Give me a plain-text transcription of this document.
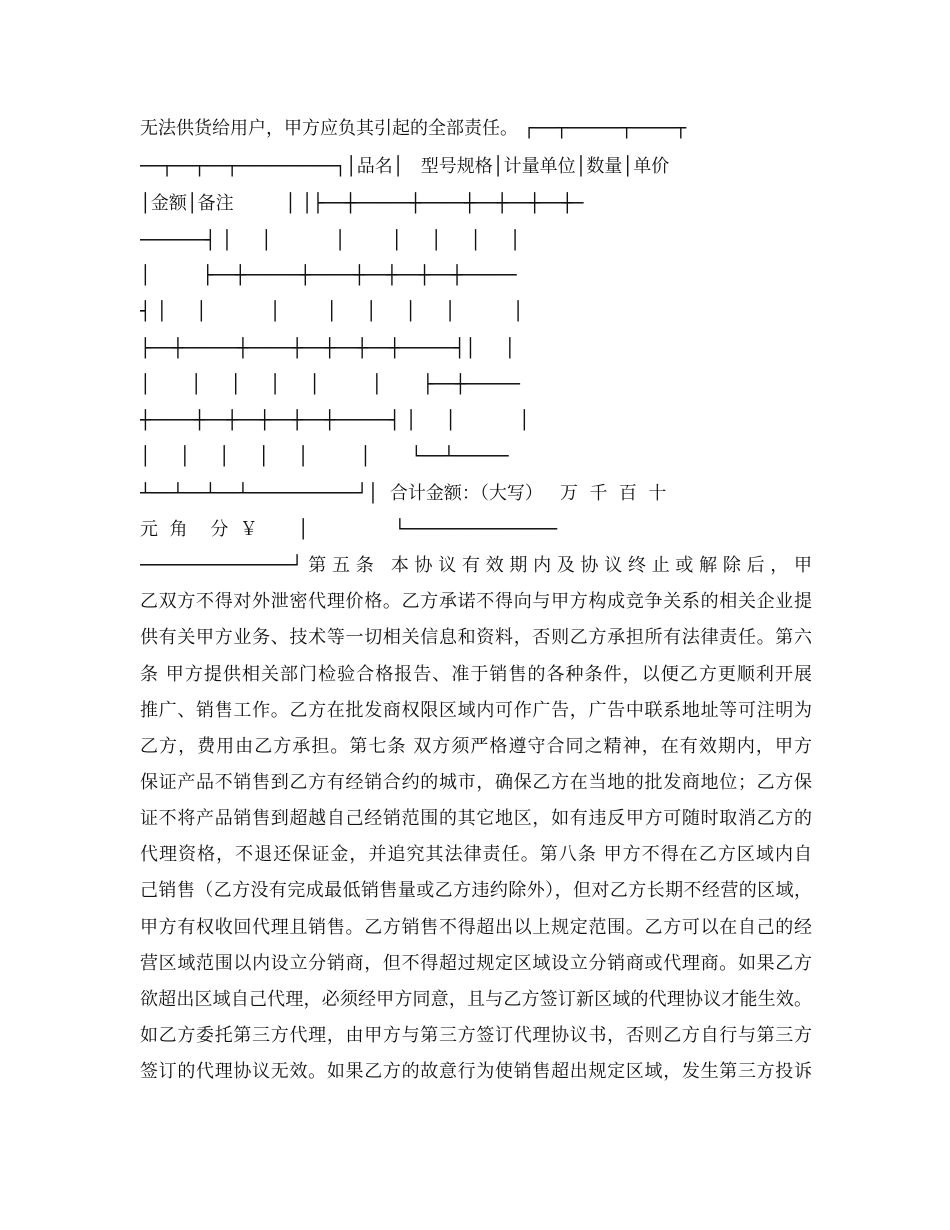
无法供货给用户，甲方应负其引起的全部责任。 ┌──┬─────┬────┬
──┬──┬──┬─────────┐│品名│   型号规格│计量单位│数量│单价
│金额│备注         │ │├──┼─────┼────┼──┼──┼──┼─
──────┤ │     │           │        │     │     │     │
│         ├──┼─────┼────┼──┼──┼──┼─────
┤ │     │           │        │     │     │     │          │
├──┼─────┼────┼──┼──┼──┼─────┤│     │
│       │     │     │     │         │       ├──┼─────
┼────┼──┼──┼──┼──┼─────┤ │     │           │
│     │     │     │     │         │       └──┴─────
┴──┴──┴──┴──────────┘│  合计金额：（大写）   万  千  百  十
元  角    分  ￥       │               └──────────────
──────────────┘第五条 本协议有效期内及协议终止或解除后，甲
乙双方不得对外泄密代理价格。乙方承诺不得向与甲方构成竞争关系的相关企业提
供有关甲方业务、技术等一切相关信息和资料，否则乙方承担所有法律责任。第六
条 甲方提供相关部门检验合格报告、准于销售的各种条件，以便乙方更顺利开展
推广、销售工作。乙方在批发商权限区域内可作广告，广告中联系地址等可注明为
乙方，费用由乙方承担。第七条 双方须严格遵守合同之精神，在有效期内，甲方
保证产品不销售到乙方有经销合约的城市，确保乙方在当地的批发商地位；乙方保
证不将产品销售到超越自己经销范围的其它地区，如有违反甲方可随时取消乙方的
代理资格，不退还保证金，并追究其法律责任。第八条 甲方不得在乙方区域内自
己销售（乙方没有完成最低销售量或乙方违约除外），但对乙方长期不经营的区域，
甲方有权收回代理且销售。乙方销售不得超出以上规定范围。乙方可以在自己的经
营区域范围以内设立分销商，但不得超过规定区域设立分销商或代理商。如果乙方
欲超出区域自己代理，必须经甲方同意，且与乙方签订新区域的代理协议才能生效。
如乙方委托第三方代理，由甲方与第三方签订代理协议书，否则乙方自行与第三方
签订的代理协议无效。如果乙方的故意行为使销售超出规定区域，发生第三方投诉
